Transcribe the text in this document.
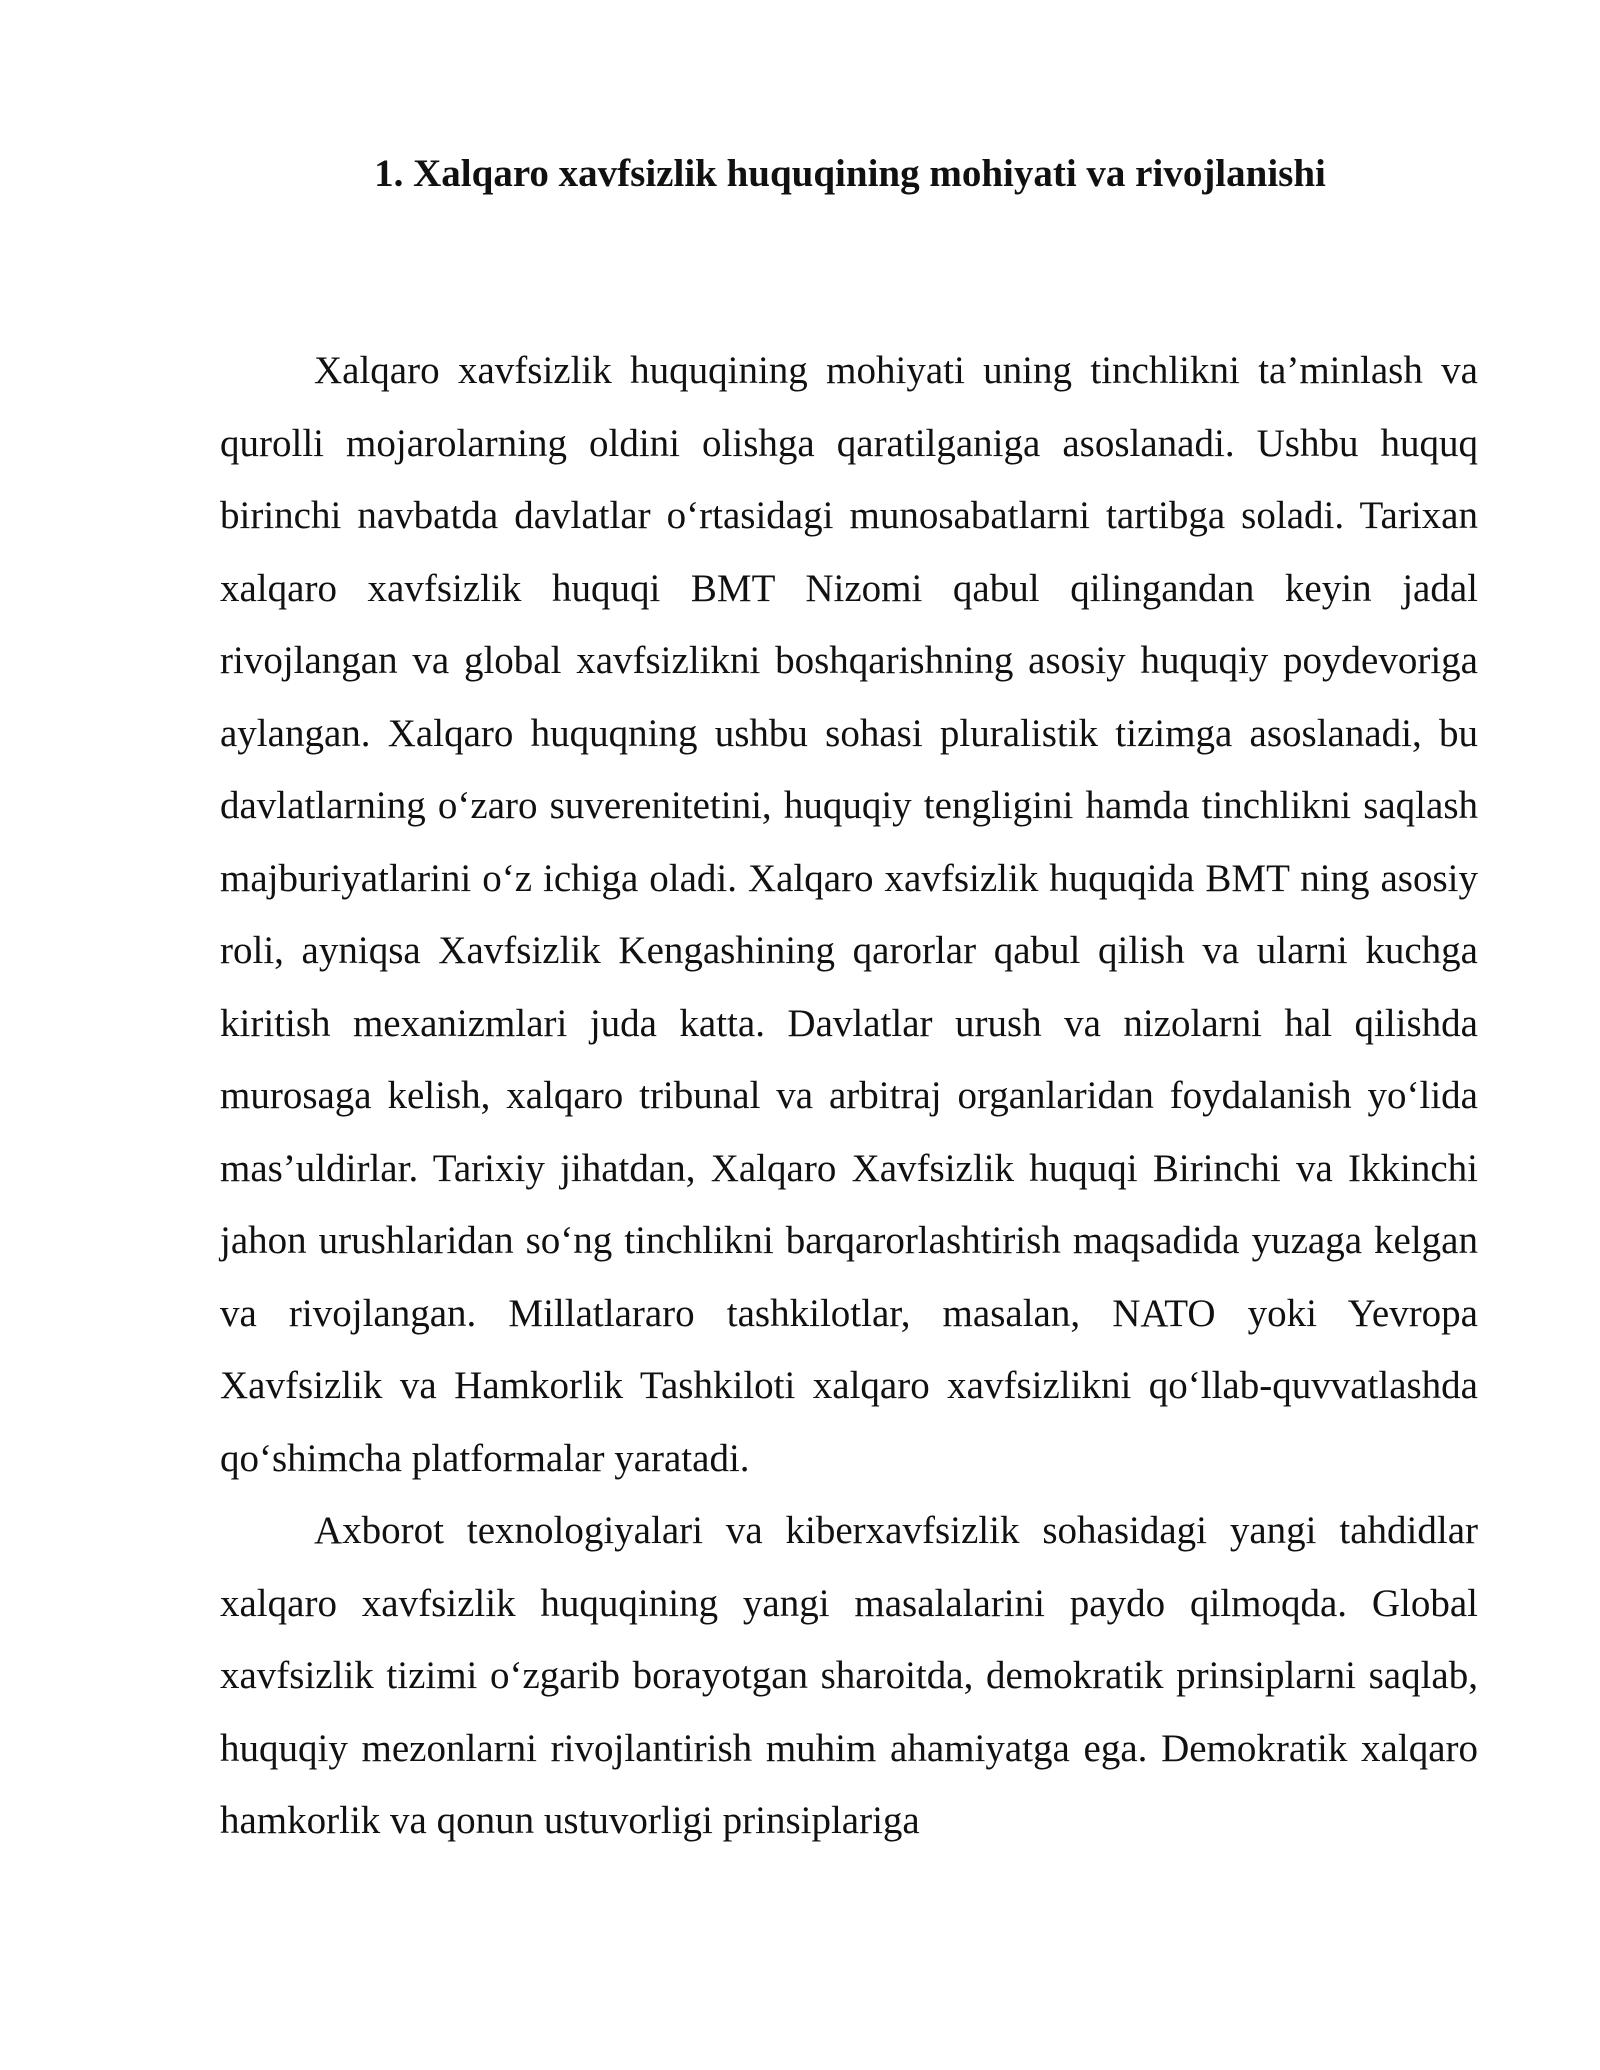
1. Xalqaro xavfsizlik huquqining mohiyati va rivojlanishi

Xalqaro xavfsizlik huquqining mohiyati uning tinchlikni ta’minlash va qurolli mojarolarning oldini olishga qaratilganiga asoslanadi. Ushbu huquq birinchi navbatda davlatlar o‘rtasidagi munosabatlarni tartibga soladi. Tarixan xalqaro xavfsizlik huquqi BMT Nizomi qabul qilingandan keyin jadal rivojlangan va global xavfsizlikni boshqarishning asosiy huquqiy poydevoriga aylangan. Xalqaro huquqning ushbu sohasi pluralistik tizimga asoslanadi, bu davlatlarning o‘zaro suverenitetini, huquqiy tengligini hamda tinchlikni saqlash majburiyatlarini o‘z ichiga oladi. Xalqaro xavfsizlik huquqida BMT ning asosiy roli, ayniqsa Xavfsizlik Kengashining qarorlar qabul qilish va ularni kuchga kiritish mexanizmlari juda katta. Davlatlar urush va nizolarni hal qilishda murosaga kelish, xalqaro tribunal va arbitraj organlaridan foydalanish yo‘lida mas’uldirlar. Tarixiy jihatdan, Xalqaro Xavfsizlik huquqi Birinchi va Ikkinchi jahon urushlaridan so‘ng tinchlikni barqarorlashtirish maqsadida yuzaga kelgan va rivojlangan. Millatlararo tashkilotlar, masalan, NATO yoki Yevropa Xavfsizlik va Hamkorlik Tashkiloti xalqaro xavfsizlikni qo‘llab-quvvatlashda qo‘shimcha platformalar yaratadi.

Axborot texnologiyalari va kiberxavfsizlik sohasidagi yangi tahdidlar xalqaro xavfsizlik huquqining yangi masalalarini paydo qilmoqda. Global xavfsizlik tizimi o‘zgarib borayotgan sharoitda, demokratik prinsiplarni saqlab, huquqiy mezonlarni rivojlantirish muhim ahamiyatga ega. Demokratik xalqaro hamkorlik va qonun ustuvorligi prinsiplariga
